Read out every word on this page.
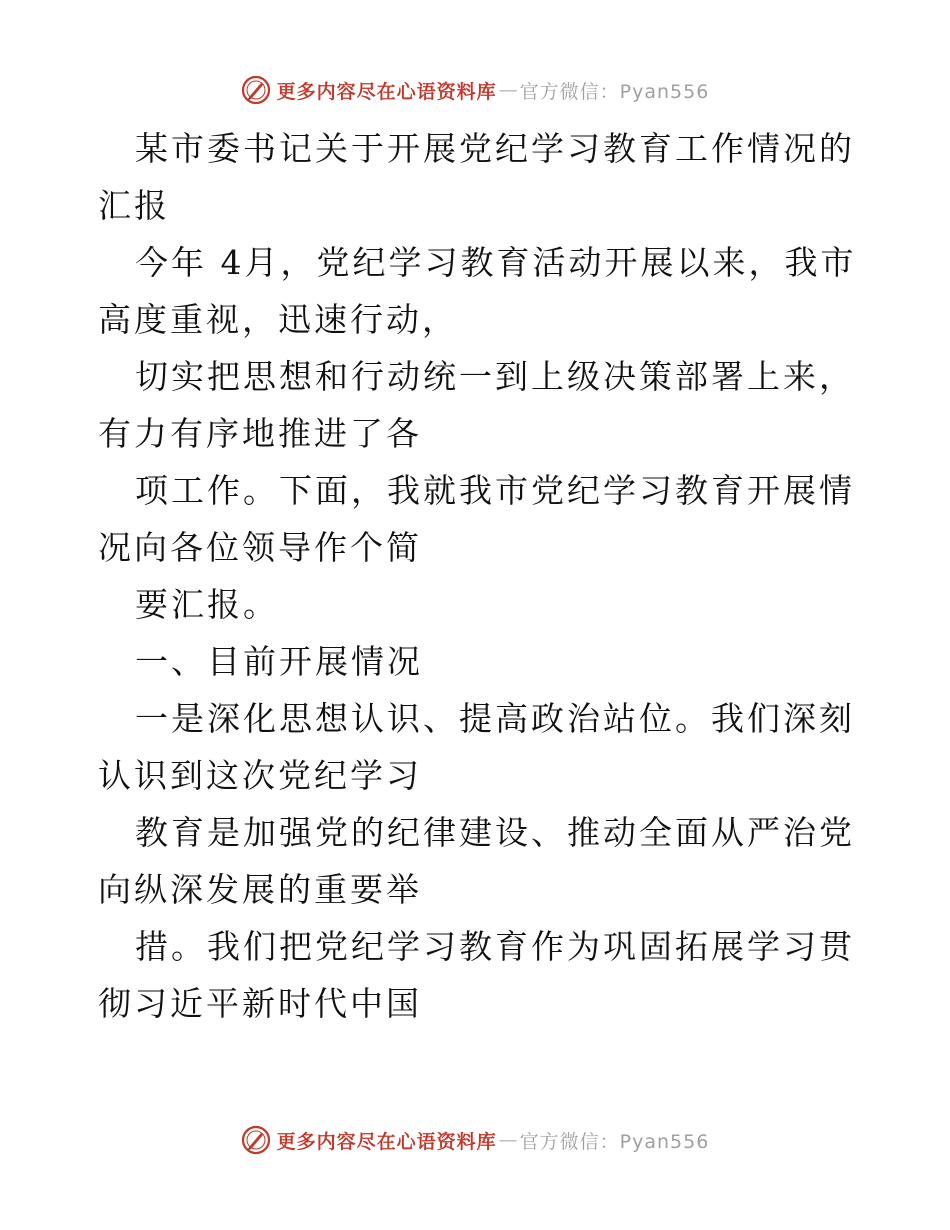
更多内容尽在心语资料库 — 官方微信：Pyan556

某市委书记关于开展党纪学习教育工作情况的汇报

今年 4月，党纪学习教育活动开展以来，我市高度重视，迅速行动，

切实把思想和行动统一到上级决策部署上来，有力有序地推进了各

项工作。下面，我就我市党纪学习教育开展情况向各位领导作个简

要汇报。

一、目前开展情况

一是深化思想认识、提高政治站位。我们深刻认识到这次党纪学习

教育是加强党的纪律建设、推动全面从严治党向纵深发展的重要举

措。我们把党纪学习教育作为巩固拓展学习贯彻习近平新时代中国

更多内容尽在心语资料库 — 官方微信：Pyan556
